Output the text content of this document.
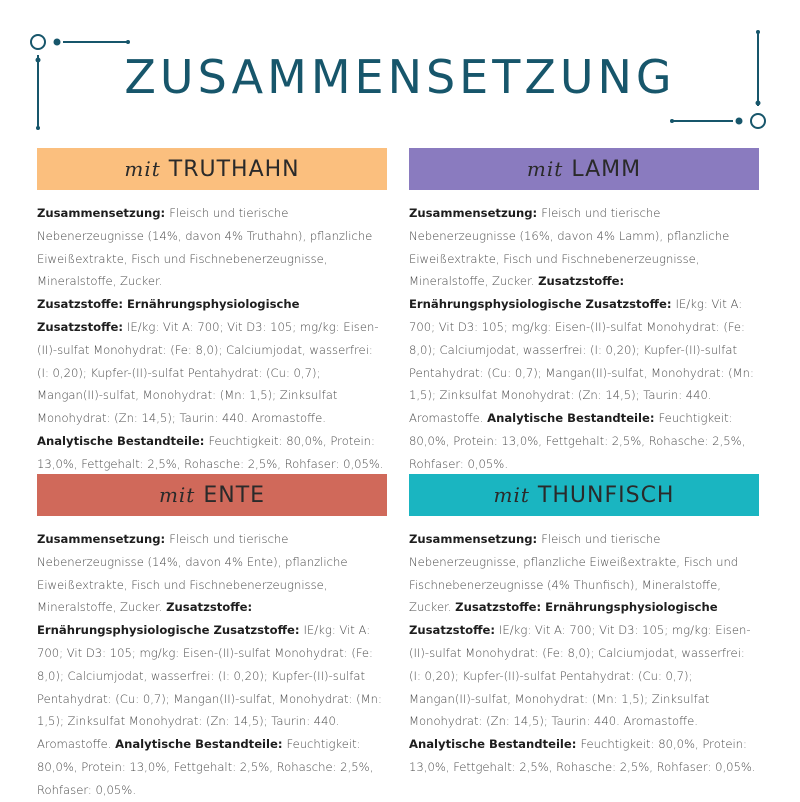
ZUSAMMENSETZUNG
mit TRUTHAHN
Zusammensetzung: Fleisch und tierische Nebenerzeugnisse (14%, davon 4% Truthahn), pflanzliche Eiweißextrakte, Fisch und Fischnebenerzeugnisse, Mineralstoffe, Zucker.
Zusatzstoffe: Ernährungsphysiologische Zusatzstoffe: IE/kg: Vit A: 700; Vit D3: 105; mg/kg: Eisen-(II)-sulfat Monohydrat: (Fe: 8,0); Calciumjodat, wasserfrei: (I: 0,20); Kupfer-(II)-sulfat Pentahydrat: (Cu: 0,7); Mangan(II)-sulfat, Monohydrat: (Mn: 1,5); Zinksulfat Monohydrat: (Zn: 14,5); Taurin: 440. Aromastoffe. Analytische Bestandteile: Feuchtigkeit: 80,0%, Protein: 13,0%, Fettgehalt: 2,5%, Rohasche: 2,5%, Rohfaser: 0,05%.
mit LAMM
Zusammensetzung: Fleisch und tierische Nebenerzeugnisse (16%, davon 4% Lamm), pflanzliche Eiweißextrakte, Fisch und Fischnebenerzeugnisse, Mineralstoffe, Zucker. Zusatzstoffe: Ernährungsphysiologische Zusatzstoffe: IE/kg: Vit A: 700; Vit D3: 105; mg/kg: Eisen-(II)-sulfat Monohydrat: (Fe: 8,0); Calciumjodat, wasserfrei: (I: 0,20); Kupfer-(II)-sulfat Pentahydrat: (Cu: 0,7); Mangan(II)-sulfat, Monohydrat: (Mn: 1,5); Zinksulfat Monohydrat: (Zn: 14,5); Taurin: 440. Aromastoffe. Analytische Bestandteile: Feuchtigkeit: 80,0%, Protein: 13,0%, Fettgehalt: 2,5%, Rohasche: 2,5%, Rohfaser: 0,05%.
mit ENTE
Zusammensetzung: Fleisch und tierische Nebenerzeugnisse (14%, davon 4% Ente), pflanzliche Eiweißextrakte, Fisch und Fischnebenerzeugnisse, Mineralstoffe, Zucker. Zusatzstoffe: Ernährungsphysiologische Zusatzstoffe: IE/kg: Vit A: 700; Vit D3: 105; mg/kg: Eisen-(II)-sulfat Monohydrat: (Fe: 8,0); Calciumjodat, wasserfrei: (I: 0,20); Kupfer-(II)-sulfat Pentahydrat: (Cu: 0,7); Mangan(II)-sulfat, Monohydrat: (Mn: 1,5); Zinksulfat Monohydrat: (Zn: 14,5); Taurin: 440. Aromastoffe. Analytische Bestandteile: Feuchtigkeit: 80,0%, Protein: 13,0%, Fettgehalt: 2,5%, Rohasche: 2,5%, Rohfaser: 0,05%.
mit THUNFISCH
Zusammensetzung: Fleisch und tierische Nebenerzeugnisse, pflanzliche Eiweißextrakte, Fisch und Fischnebenerzeugnisse (4% Thunfisch), Mineralstoffe, Zucker. Zusatzstoffe: Ernährungsphysiologische Zusatzstoffe: IE/kg: Vit A: 700; Vit D3: 105; mg/kg: Eisen-(II)-sulfat Monohydrat: (Fe: 8,0); Calciumjodat, wasserfrei: (I: 0,20); Kupfer-(II)-sulfat Pentahydrat: (Cu: 0,7); Mangan(II)-sulfat, Monohydrat: (Mn: 1,5); Zinksulfat Monohydrat: (Zn: 14,5); Taurin: 440. Aromastoffe. Analytische Bestandteile: Feuchtigkeit: 80,0%, Protein: 13,0%, Fettgehalt: 2,5%, Rohasche: 2,5%, Rohfaser: 0,05%.
